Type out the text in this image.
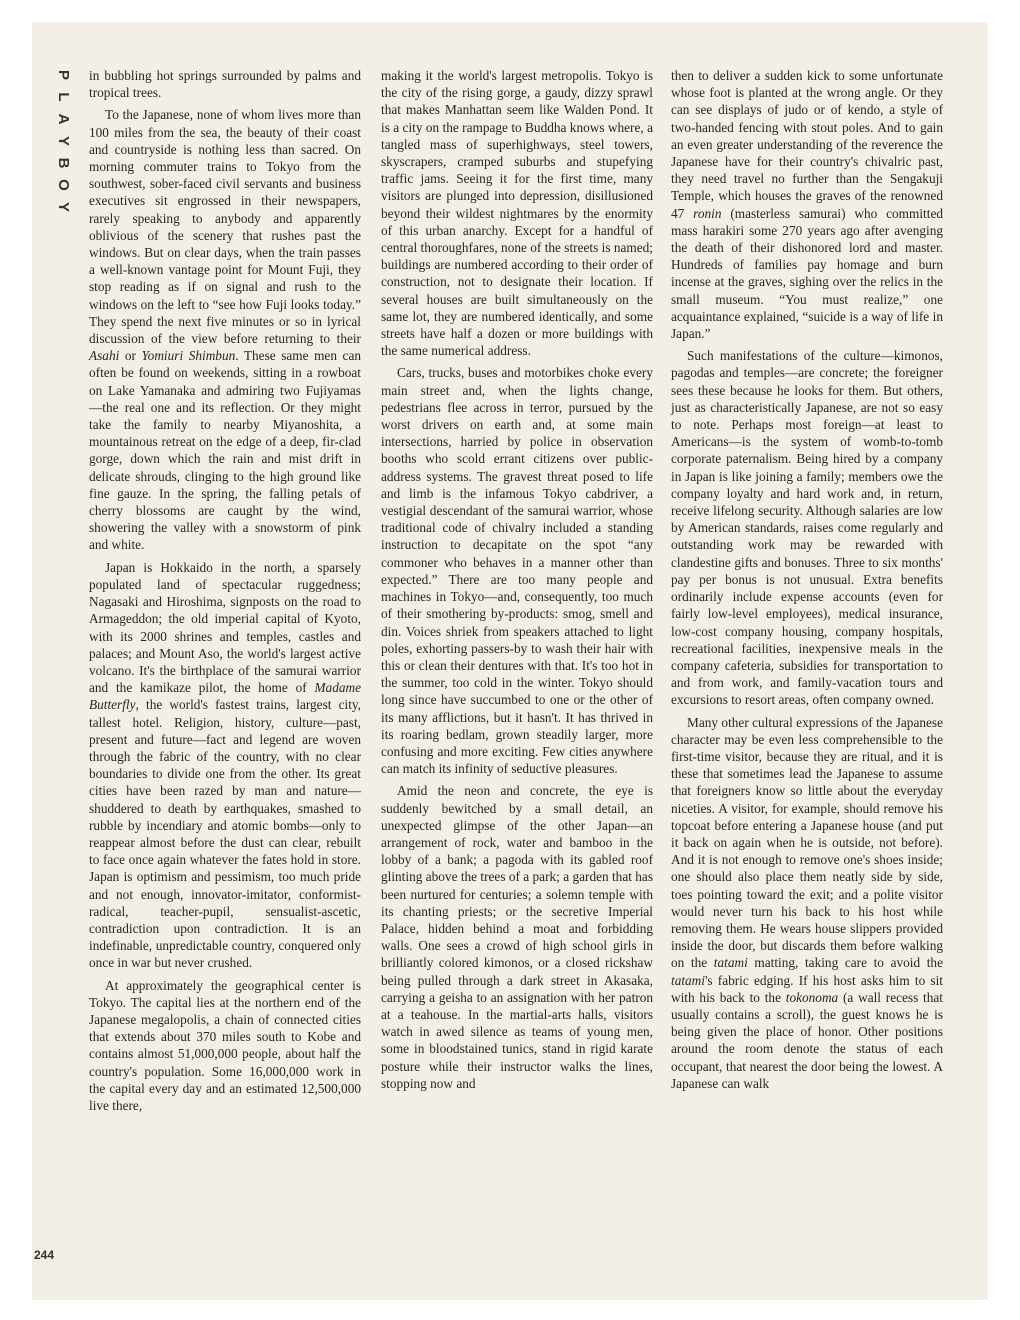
P
L
A
Y
B
O
Y

in bubbling hot springs surrounded by palms and tropical trees.

To the Japanese, none of whom lives more than 100 miles from the sea, the beauty of their coast and countryside is nothing less than sacred. On morning commuter trains to Tokyo from the southwest, sober-faced civil servants and business executives sit engrossed in their newspapers, rarely speaking to anybody and apparently oblivious of the scenery that rushes past the windows. But on clear days, when the train passes a well-known vantage point for Mount Fuji, they stop reading as if on signal and rush to the windows on the left to “see how Fuji looks today.” They spend the next five minutes or so in lyrical discussion of the view before returning to their Asahi or Yomiuri Shimbun. These same men can often be found on weekends, sitting in a rowboat on Lake Yamanaka and admiring two Fujiyamas —the real one and its reflection. Or they might take the family to nearby Miyanoshita, a mountainous retreat on the edge of a deep, fir-clad gorge, down which the rain and mist drift in delicate shrouds, clinging to the high ground like fine gauze. In the spring, the falling petals of cherry blossoms are caught by the wind, showering the valley with a snowstorm of pink and white.

Japan is Hokkaido in the north, a sparsely populated land of spectacular ruggedness; Nagasaki and Hiroshima, signposts on the road to Armageddon; the old imperial capital of Kyoto, with its 2000 shrines and temples, castles and palaces; and Mount Aso, the world's largest active volcano. It's the birthplace of the samurai warrior and the kamikaze pilot, the home of Madame Butterfly, the world's fastest trains, largest city, tallest hotel. Religion, history, culture—past, present and future—fact and legend are woven through the fabric of the country, with no clear boundaries to divide one from the other. Its great cities have been razed by man and nature—shuddered to death by earthquakes, smashed to rubble by incendiary and atomic bombs—only to reappear almost before the dust can clear, rebuilt to face once again whatever the fates hold in store. Japan is optimism and pessimism, too much pride and not enough, innovator-imitator, conformist-radical, teacher-pupil, sensualist-ascetic, contradiction upon contradiction. It is an indefinable, unpredictable country, conquered only once in war but never crushed.

At approximately the geographical center is Tokyo. The capital lies at the northern end of the Japanese megalopolis, a chain of connected cities that extends about 370 miles south to Kobe and contains almost 51,000,000 people, about half the country's population. Some 16,000,000 work in the capital every day and an estimated 12,500,000 live there,

making it the world's largest metropolis. Tokyo is the city of the rising gorge, a gaudy, dizzy sprawl that makes Manhattan seem like Walden Pond. It is a city on the rampage to Buddha knows where, a tangled mass of superhighways, steel towers, skyscrapers, cramped suburbs and stupefying traffic jams. Seeing it for the first time, many visitors are plunged into depression, disillusioned beyond their wildest nightmares by the enormity of this urban anarchy. Except for a handful of central thoroughfares, none of the streets is named; buildings are numbered according to their order of construction, not to designate their location. If several houses are built simultaneously on the same lot, they are numbered identically, and some streets have half a dozen or more buildings with the same numerical address.

Cars, trucks, buses and motorbikes choke every main street and, when the lights change, pedestrians flee across in terror, pursued by the worst drivers on earth and, at some main intersections, harried by police in observation booths who scold errant citizens over public-address systems. The gravest threat posed to life and limb is the infamous Tokyo cabdriver, a vestigial descendant of the samurai warrior, whose traditional code of chivalry included a standing instruction to decapitate on the spot “any commoner who behaves in a manner other than expected.” There are too many people and machines in Tokyo—and, consequently, too much of their smothering by-products: smog, smell and din. Voices shriek from speakers attached to light poles, exhorting passers-by to wash their hair with this or clean their dentures with that. It's too hot in the summer, too cold in the winter. Tokyo should long since have succumbed to one or the other of its many afflictions, but it hasn't. It has thrived in its roaring bedlam, grown steadily larger, more confusing and more exciting. Few cities anywhere can match its infinity of seductive pleasures.

Amid the neon and concrete, the eye is suddenly bewitched by a small detail, an unexpected glimpse of the other Japan—an arrangement of rock, water and bamboo in the lobby of a bank; a pagoda with its gabled roof glinting above the trees of a park; a garden that has been nurtured for centuries; a solemn temple with its chanting priests; or the secretive Imperial Palace, hidden behind a moat and forbidding walls. One sees a crowd of high school girls in brilliantly colored kimonos, or a closed rickshaw being pulled through a dark street in Akasaka, carrying a geisha to an assignation with her patron at a teahouse. In the martial-arts halls, visitors watch in awed silence as teams of young men, some in bloodstained tunics, stand in rigid karate posture while their instructor walks the lines, stopping now and

then to deliver a sudden kick to some unfortunate whose foot is planted at the wrong angle. Or they can see displays of judo or of kendo, a style of two-handed fencing with stout poles. And to gain an even greater understanding of the reverence the Japanese have for their country's chivalric past, they need travel no further than the Sengakuji Temple, which houses the graves of the renowned 47 ronin (masterless samurai) who committed mass harakiri some 270 years ago after avenging the death of their dishonored lord and master. Hundreds of families pay homage and burn incense at the graves, sighing over the relics in the small museum. “You must realize,” one acquaintance explained, “suicide is a way of life in Japan.”

Such manifestations of the culture—kimonos, pagodas and temples—are concrete; the foreigner sees these because he looks for them. But others, just as characteristically Japanese, are not so easy to note. Perhaps most foreign—at least to Americans—is the system of womb-to-tomb corporate paternalism. Being hired by a company in Japan is like joining a family; members owe the company loyalty and hard work and, in return, receive lifelong security. Although salaries are low by American standards, raises come regularly and outstanding work may be rewarded with clandestine gifts and bonuses. Three to six months' pay per bonus is not unusual. Extra benefits ordinarily include expense accounts (even for fairly low-level employees), medical insurance, low-cost company housing, company hospitals, recreational facilities, inexpensive meals in the company cafeteria, subsidies for transportation to and from work, and family-vacation tours and excursions to resort areas, often company owned.

Many other cultural expressions of the Japanese character may be even less comprehensible to the first-time visitor, because they are ritual, and it is these that sometimes lead the Japanese to assume that foreigners know so little about the everyday niceties. A visitor, for example, should remove his topcoat before entering a Japanese house (and put it back on again when he is outside, not before). And it is not enough to remove one's shoes inside; one should also place them neatly side by side, toes pointing toward the exit; and a polite visitor would never turn his back to his host while removing them. He wears house slippers provided inside the door, but discards them before walking on the tatami matting, taking care to avoid the tatami's fabric edging. If his host asks him to sit with his back to the tokonoma (a wall recess that usually contains a scroll), the guest knows he is being given the place of honor. Other positions around the room denote the status of each occupant, that nearest the door being the lowest. A Japanese can walk

244
